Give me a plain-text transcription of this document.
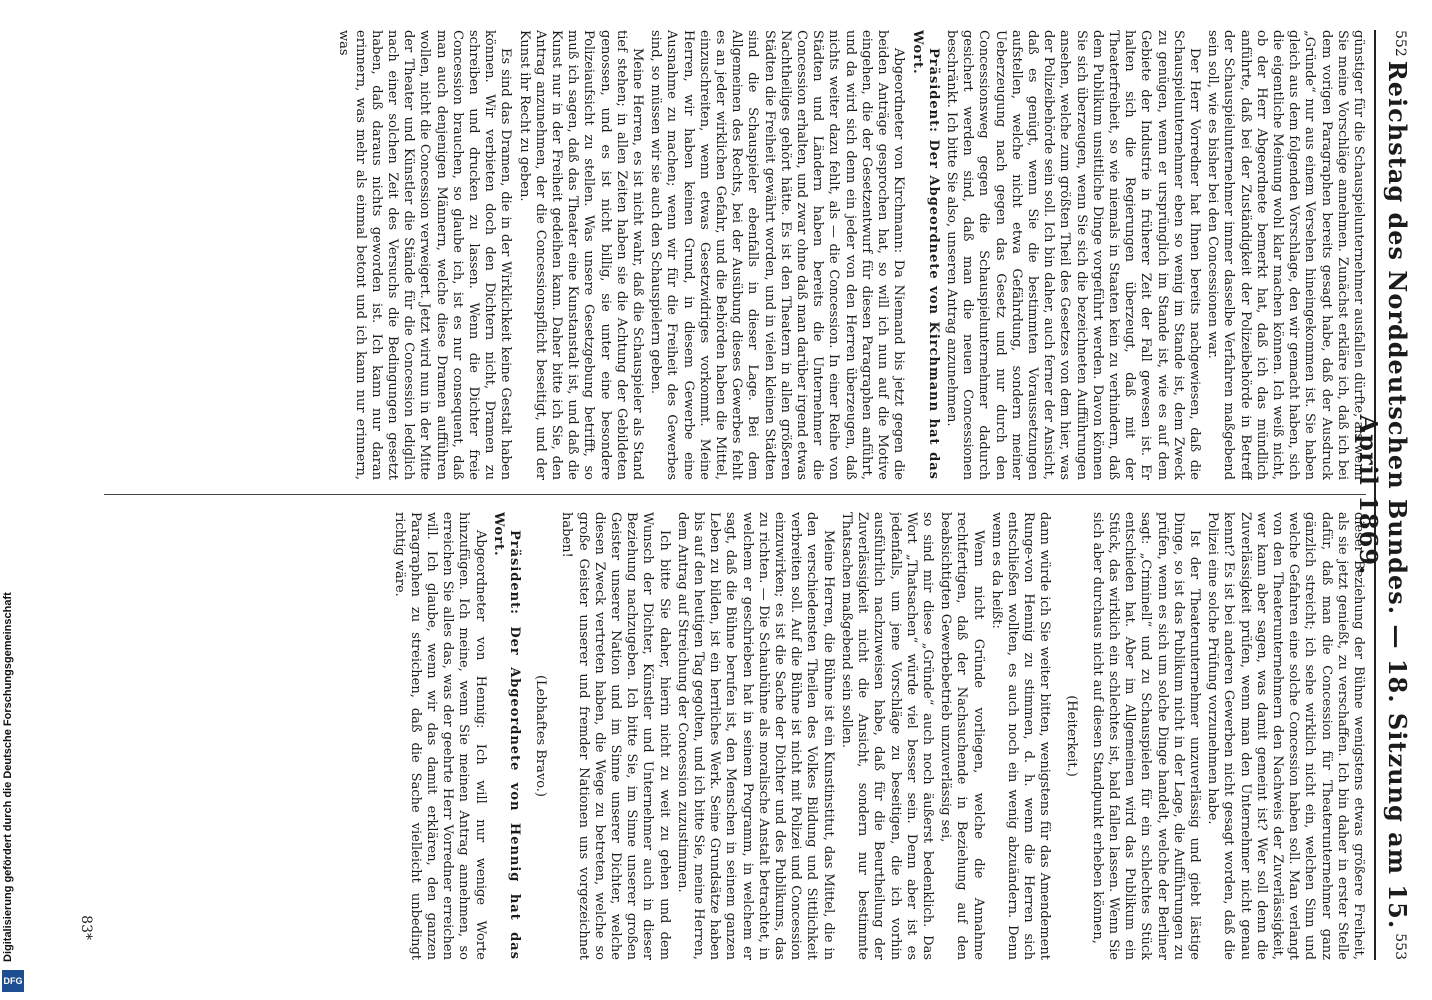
Digitalisierung gefördert durch die Deutsche Forschungsgemeinschaft
DFG
552
Reichstag des Norddeutschen Bundes. — 18. Sitzung am 15. April 1869.
553

günstiger für die Schauspielunternehmer ausfallen dürfte, als wenn Sie meine Vorschläge annehmen. Zunächst erkläre ich, daß ich bei dem vorigen Paragraphen bereits gesagt habe, daß der Ausdruck „Gründe“ nur aus einem Versehen hineingekommen ist. Sie haben gleich aus dem folgenden Vorschlage, den wir gemacht haben, sich die eigentliche Meinung wohl klar machen können. Ich weiß nicht, ob der Herr Abgeordnete bemerkt hat, daß ich das mündlich anführte, daß bei der Zuständigkeit der Polizeibehörde in Betreff der Schauspielunternehmer immer dasselbe Verfahren maßgebend sein soll, wie es bisher bei den Concessionen war.

Der Herr Vorredner hat Ihnen bereits nachgewiesen, daß die Schauspielunternehmer eben so wenig im Stande ist, dem Zweck zu genügen, wenn er ursprünglich im Stande ist, wie es auf dem Gebiete der Industrie in früherer Zeit der Fall gewesen ist. Er halten sich die Regierungen überzeugt, daß mit der Theaterfreiheit, so wie niemals in Staaten kein zu verhindern, daß dem Publikum unsittliche Dinge vorgeführt werden. Davon können Sie sich überzeugen, wenn Sie sich die bezeichneten Aufführungen ansehen, welche zum größten Theil des Gesetzes von dem hier, was der Polizeibehörde sein soll. Ich bin daher, auch ferner der Ansicht, daß es genügt, wenn Sie die bestimmten Voraussetzungen aufstellen, welche nicht etwa Gefährdung, sondern meiner Ueberzeugung nach gegen das Gesetz und nur durch den Concessionsweg gegen die Schauspielunternehmer dadurch gesichert werden sind, daß man die neuen Concessionen beschränkt. Ich bitte Sie also, unseren Antrag anzunehmen.

Präsident: Der Abgeordnete von Kirchmann hat das Wort.

Abgeordneter von Kirchmann: Da Niemand bis jetzt gegen die beiden Anträge gesprochen hat, so will ich nun auf die Motive eingehen, die der Gesetzentwurf für diesen Paragraphen anführt, und da wird sich denn ein jeder von den Herren überzeugen, daß nichts weiter dazu fehlt, als — die Concession. In einer Reihe von Städten und Ländern haben bereits die Unternehmer die Concession erhalten, und zwar ohne daß man darüber irgend etwas Nachtheiliges gehört hätte. Es ist den Theatern in allen größeren Städten die Freiheit gewährt worden, und in vielen kleinen Städten sind die Schauspieler ebenfalls in dieser Lage. Bei dem Allgemeinen des Rechts, bei der Ausübung dieses Gewerbes fehlt es an jeder wirklichen Gefahr, und die Behörden haben die Mittel, einzuschreiten, wenn etwas Gesetzwidriges vorkommt. Meine Herren, wir haben keinen Grund, in diesem Gewerbe eine Ausnahme zu machen; wenn wir für die Freiheit des Gewerbes sind, so müssen wir sie auch den Schauspielern geben.

Meine Herren, es ist nicht wahr, daß die Schauspieler als Stand tief stehen; in allen Zeiten haben sie die Achtung der Gebildeten genossen, und es ist nicht billig, sie unter eine besondere Polizeiaufsicht zu stellen. Was unsere Gesetzgebung betrifft, so muß ich sagen, daß das Theater eine Kunstanstalt ist, und daß die Kunst nur in der Freiheit gedeihen kann. Daher bitte ich Sie, den Antrag anzunehmen, der die Concessionspflicht beseitigt, und der Kunst ihr Recht zu geben.

Es sind das Dramen, die in der Wirklichkeit keine Gestalt haben können. Wir verbieten doch den Dichtern nicht, Dramen zu schreiben und drucken zu lassen. Wenn die Dichter freie Concession brauchen, so glaube ich, ist es nur consequent, daß man auch denjenigen Männern, welche diese Dramen aufführen wollen, nicht die Concession verweigert. Jetzt wird nun in der Mitte der Theater und Künstler die Stände für die Concession lediglich nach einer solchen Zeit des Versuchs die Bedingungen gesetzt haben, daß daraus nichts geworden ist. Ich kann nur daran erinnern, was mehr als einmal betont und ich kann nur erinnern, was

dieser Beziehung der Bühne wenigstens etwas größere Freiheit, als sie jetzt genießt, zu verschaffen. Ich bin daher in erster Stelle dafür, daß man die Concession für Theaterunternehmer ganz gänzlich streicht; ich sehe wirklich nicht ein, welchen Sinn und welche Gefahren eine solche Concession haben soll. Man verlangt von den Theaterunternehmern den Nachweis der Zuverlässigkeit, wer kann aber sagen, was damit gemeint ist? Wer soll denn die Zuverlässigkeit prüfen, wenn man den Unternehmer nicht genau kennt? Es ist bei anderen Gewerben nicht gesagt worden, daß die Polizei eine solche Prüfung vorzunehmen habe.

Ist der Theaterunternehmer unzuverlässig und giebt lästige Dinge, so ist das Publikum nicht in der Lage, die Aufführungen zu prüfen, wenn es sich um solche Dinge handelt, welche der Berliner sagt: „Criminell“ und zu Schauspielen für ein schlechtes Stück entschieden hat. Aber im Allgemeinen wird das Publikum ein Stück, das wirklich ein schlechtes ist, bald fallen lassen. Wenn Sie sich aber durchaus nicht auf diesen Standpunkt erheben können,

(Heiterkeit.)

dann würde ich Sie weiter bitten, wenigstens für das Amendement Runge-von Hennig zu stimmen, d. h. wenn die Herren sich entschließen wollten, es auch noch ein wenig abzuändern. Denn wenn es da heißt:

Wenn nicht Gründe vorliegen, welche die Annahme rechtfertigen, daß der Nachsuchende in Beziehung auf den beabsichtigten Gewerbebetrieb unzuverlässig sei,

so sind mir diese „Gründe“ auch noch äußerst bedenklich. Das Wort „Thatsachen“ würde viel besser sein. Denn aber ist es jedenfalls, um jene Vorschläge zu beseitigen, die ich vorhin ausführlich nachzuweisen habe, daß für die Beurtheilung der Zuverlässigkeit nicht die Ansicht, sondern nur bestimmte Thatsachen maßgebend sein sollen.

Meine Herren, die Bühne ist ein Kunstinstitut, das Mittel, die in den verschiedensten Theilen des Volkes Bildung und Sittlichkeit verbreiten soll. Auf die Bühne ist nicht mit Polizei und Concession einzuwirken; es ist die Sache der Dichter und des Publikums, das zu richten. — Die Schaubühne als moralische Anstalt betrachtet, in welchem er geschrieben hat in seinem Programm, in welchem er sagt, daß die Bühne berufen ist, den Menschen in seinem ganzen Leben zu bilden, ist ein herrliches Werk. Seine Grundsätze haben bis auf den heutigen Tag gegolten, und ich bitte Sie, meine Herren, dem Antrag auf Streichung der Concession zuzustimmen.

Ich bitte Sie daher, hierin nicht zu weit zu gehen und dem Wunsch der Dichter, Künstler und Unternehmer auch in dieser Beziehung nachzugeben. Ich bitte Sie, im Sinne unserer großen Geister unserer Nation und im Sinne unserer Dichter, welche diesen Zweck vertreten haben, die Wege zu betreten, welche so große Geister unserer und fremder Nationen uns vorgezeichnet haben!

(Lebhaftes Bravo.)

Präsident: Der Abgeordnete von Hennig hat das Wort.

Abgeordneter von Hennig: Ich will nur wenige Worte hinzufügen. Ich meine, wenn Sie meinen Antrag annehmen, so erreichen Sie alles das, was der geehrte Herr Vorredner erreichen will. Ich glaube, wenn wir das damit erklären, den ganzen Paragraphen zu streichen, daß die Sache vielleicht unbedingt richtig wäre.

83*
